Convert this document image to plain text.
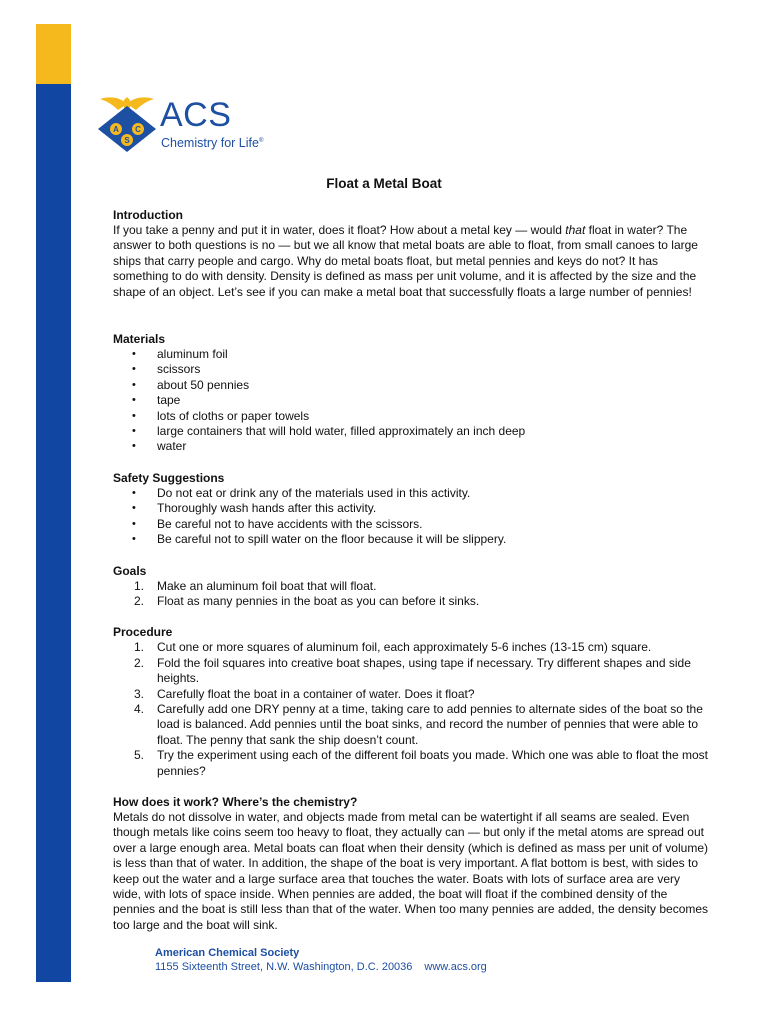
A C
S
ACS
Chemistry for Life®
Float a Metal Boat
Introduction

If you take a penny and put it in water, does it float? How about a metal key — would that float in water? The answer to both questions is no — but we all know that metal boats are able to float, from small canoes to large ships that carry people and cargo. Why do metal boats float, but metal pennies and keys do not? It has something to do with density. Density is defined as mass per unit volume, and it is affected by the size and the shape of an object. Let’s see if you can make a metal boat that successfully floats a large number of pennies!

Materials
• aluminum foil
• scissors
• about 50 pennies
• tape
• lots of cloths or paper towels
• large containers that will hold water, filled approximately an inch deep
• water
Safety Suggestions
• Do not eat or drink any of the materials used in this activity.
• Thoroughly wash hands after this activity.
• Be careful not to have accidents with the scissors.
• Be careful not to spill water on the floor because it will be slippery.
Goals
1. Make an aluminum foil boat that will float.
2. Float as many pennies in the boat as you can before it sinks.
Procedure
1. Cut one or more squares of aluminum foil, each approximately 5-6 inches (13-15 cm) square.
2. Fold the foil squares into creative boat shapes, using tape if necessary. Try different shapes and side heights.
3. Carefully float the boat in a container of water. Does it float?
4. Carefully add one DRY penny at a time, taking care to add pennies to alternate sides of the boat so the load is balanced. Add pennies until the boat sinks, and record the number of pennies that were able to float. The penny that sank the ship doesn’t count.
5. Try the experiment using each of the different foil boats you made. Which one was able to float the most pennies?
How does it work? Where’s the chemistry?

Metals do not dissolve in water, and objects made from metal can be watertight if all seams are sealed. Even though metals like coins seem too heavy to float, they actually can — but only if the metal atoms are spread out over a large enough area. Metal boats can float when their density (which is defined as mass per unit of volume) is less than that of water. In addition, the shape of the boat is very important. A flat bottom is best, with sides to keep out the water and a large surface area that touches the water. Boats with lots of surface area are very wide, with lots of space inside. When pennies are added, the boat will float if the combined density of the pennies and the boat is still less than that of the water. When too many pennies are added, the density becomes too large and the boat will sink.

American Chemical Society
1155 Sixteenth Street, N.W. Washington, D.C. 20036 www.acs.org
